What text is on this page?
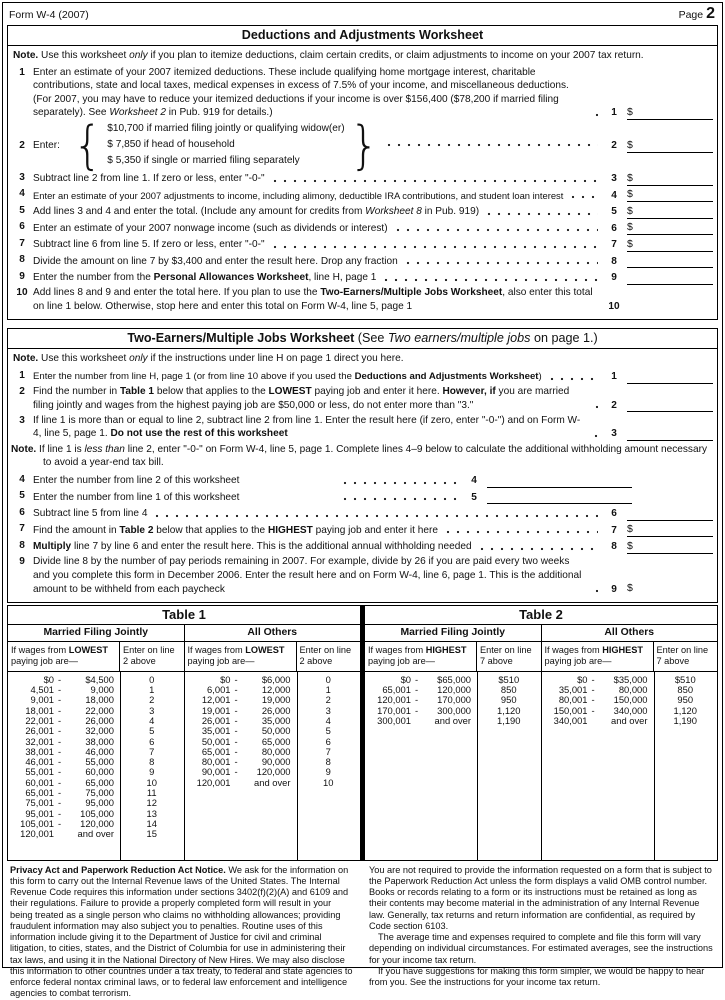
Form W-4 (2007)	Page 2
Deductions and Adjustments Worksheet
Note. Use this worksheet only if you plan to itemize deductions, claim certain credits, or claim adjustments to income on your 2007 tax return.
1 Enter an estimate of your 2007 itemized deductions. These include qualifying home mortgage interest, charitable contributions, state and local taxes, medical expenses in excess of 7.5% of your income, and miscellaneous deductions. (For 2007, you may have to reduce your itemized deductions if your income is over $156,400 ($78,200 if married filing separately). See Worksheet 2 in Pub. 919 for details.)	1 $
2 Enter: { $10,700 if married filing jointly or qualifying widow(er)
$ 7,850 if head of household
$ 5,350 if single or married filing separately	}	2 $
3 Subtract line 2 from line 1. If zero or less, enter "-0-"	3 $
4 Enter an estimate of your 2007 adjustments to income, including alimony, deductible IRA contributions, and student loan interest	4 $
5 Add lines 3 and 4 and enter the total. (Include any amount for credits from Worksheet 8 in Pub. 919)	5 $
6 Enter an estimate of your 2007 nonwage income (such as dividends or interest)	6 $
7 Subtract line 6 from line 5. If zero or less, enter "-0-"	7 $
8 Divide the amount on line 7 by $3,400 and enter the result here. Drop any fraction	8
9 Enter the number from the Personal Allowances Worksheet, line H, page 1	9
10 Add lines 8 and 9 and enter the total here. If you plan to use the Two-Earners/Multiple Jobs Worksheet, also enter this total on line 1 below. Otherwise, stop here and enter this total on Form W-4, line 5, page 1	10
Two-Earners/Multiple Jobs Worksheet (See Two earners/multiple jobs on page 1.)
Note. Use this worksheet only if the instructions under line H on page 1 direct you here.
1 Enter the number from line H, page 1 (or from line 10 above if you used the Deductions and Adjustments Worksheet)	1
2 Find the number in Table 1 below that applies to the LOWEST paying job and enter it here. However, if you are married filing jointly and wages from the highest paying job are $50,000 or less, do not enter more than "3."	2
3 If line 1 is more than or equal to line 2, subtract line 2 from line 1. Enter the result here (if zero, enter "-0-") and on Form W-4, line 5, page 1. Do not use the rest of this worksheet	3
Note. If line 1 is less than line 2, enter "-0-" on Form W-4, line 5, page 1. Complete lines 4–9 below to calculate the additional withholding amount necessary to avoid a year-end tax bill.
4 Enter the number from line 2 of this worksheet	4
5 Enter the number from line 1 of this worksheet	5
6 Subtract line 5 from line 4	6
7 Find the amount in Table 2 below that applies to the HIGHEST paying job and enter it here	7 $
8 Multiply line 7 by line 6 and enter the result here. This is the additional annual withholding needed	8 $
9 Divide line 8 by the number of pay periods remaining in 2007. For example, divide by 26 if you are paid every two weeks and you complete this form in December 2006. Enter the result here and on Form W-4, line 6, page 1. This is the additional amount to be withheld from each paycheck	9 $
Table 1
Married Filing Jointly	All Others
If wages from LOWEST paying job are—
Enter on line 2 above
$0 -	$4,500	0
4,501 -	9,000	1
9,001 -	18,000	2
18,001 -	22,000	3
22,001 -	26,000	4
26,001 -	32,000	5
32,001 -	38,000	6
38,001 -	46,000	7
46,001 -	55,000	8
55,001 -	60,000	9
60,001 -	65,000	10
65,001 -	75,000	11
75,001 -	95,000	12
95,001 -	105,000	13
105,001 -	120,000	14
120,001	and over	15
If wages from LOWEST paying job are—
Enter on line 2 above
$0 -	$6,000	0
6,001 -	12,000	1
12,001 -	19,000	2
19,001 -	26,000	3
26,001 -	35,000	4
35,001 -	50,000	5
50,001 -	65,000	6
65,001 -	80,000	7
80,001 -	90,000	8
90,001 -	120,000	9
120,001	and over	10
Table 2
Married Filing Jointly	All Others
If wages from HIGHEST paying job are—
Enter on line 7 above
$0 -	$65,000	$510
65,001 -	120,000	850
120,001 -	170,000	950
170,001 -	300,000	1,120
300,001	and over	1,190
If wages from HIGHEST paying job are—
Enter on line 7 above
$0 -	$35,000	$510
35,001 -	80,000	850
80,001 -	150,000	950
150,001 -	340,000	1,120
340,001	and over	1,190

Privacy Act and Paperwork Reduction Act Notice. We ask for the information on this form to carry out the Internal Revenue laws of the United States. The Internal Revenue Code requires this information under sections 3402(f)(2)(A) and 6109 and their regulations. Failure to provide a properly completed form will result in your being treated as a single person who claims no withholding allowances; providing fraudulent information may also subject you to penalties. Routine uses of this information include giving it to the Department of Justice for civil and criminal litigation, to cities, states, and the District of Columbia for use in administering their tax laws, and using it in the National Directory of New Hires. We may also disclose this information to other countries under a tax treaty, to federal and state agencies to enforce federal nontax criminal laws, or to federal law enforcement and intelligence agencies to combat terrorism.

You are not required to provide the information requested on a form that is subject to the Paperwork Reduction Act unless the form displays a valid OMB control number. Books or records relating to a form or its instructions must be retained as long as their contents may become material in the administration of any Internal Revenue law. Generally, tax returns and return information are confidential, as required by Code section 6103.

The average time and expenses required to complete and file this form will vary depending on individual circumstances. For estimated averages, see the instructions for your income tax return.

If you have suggestions for making this form simpler, we would be happy to hear from you. See the instructions for your income tax return.
